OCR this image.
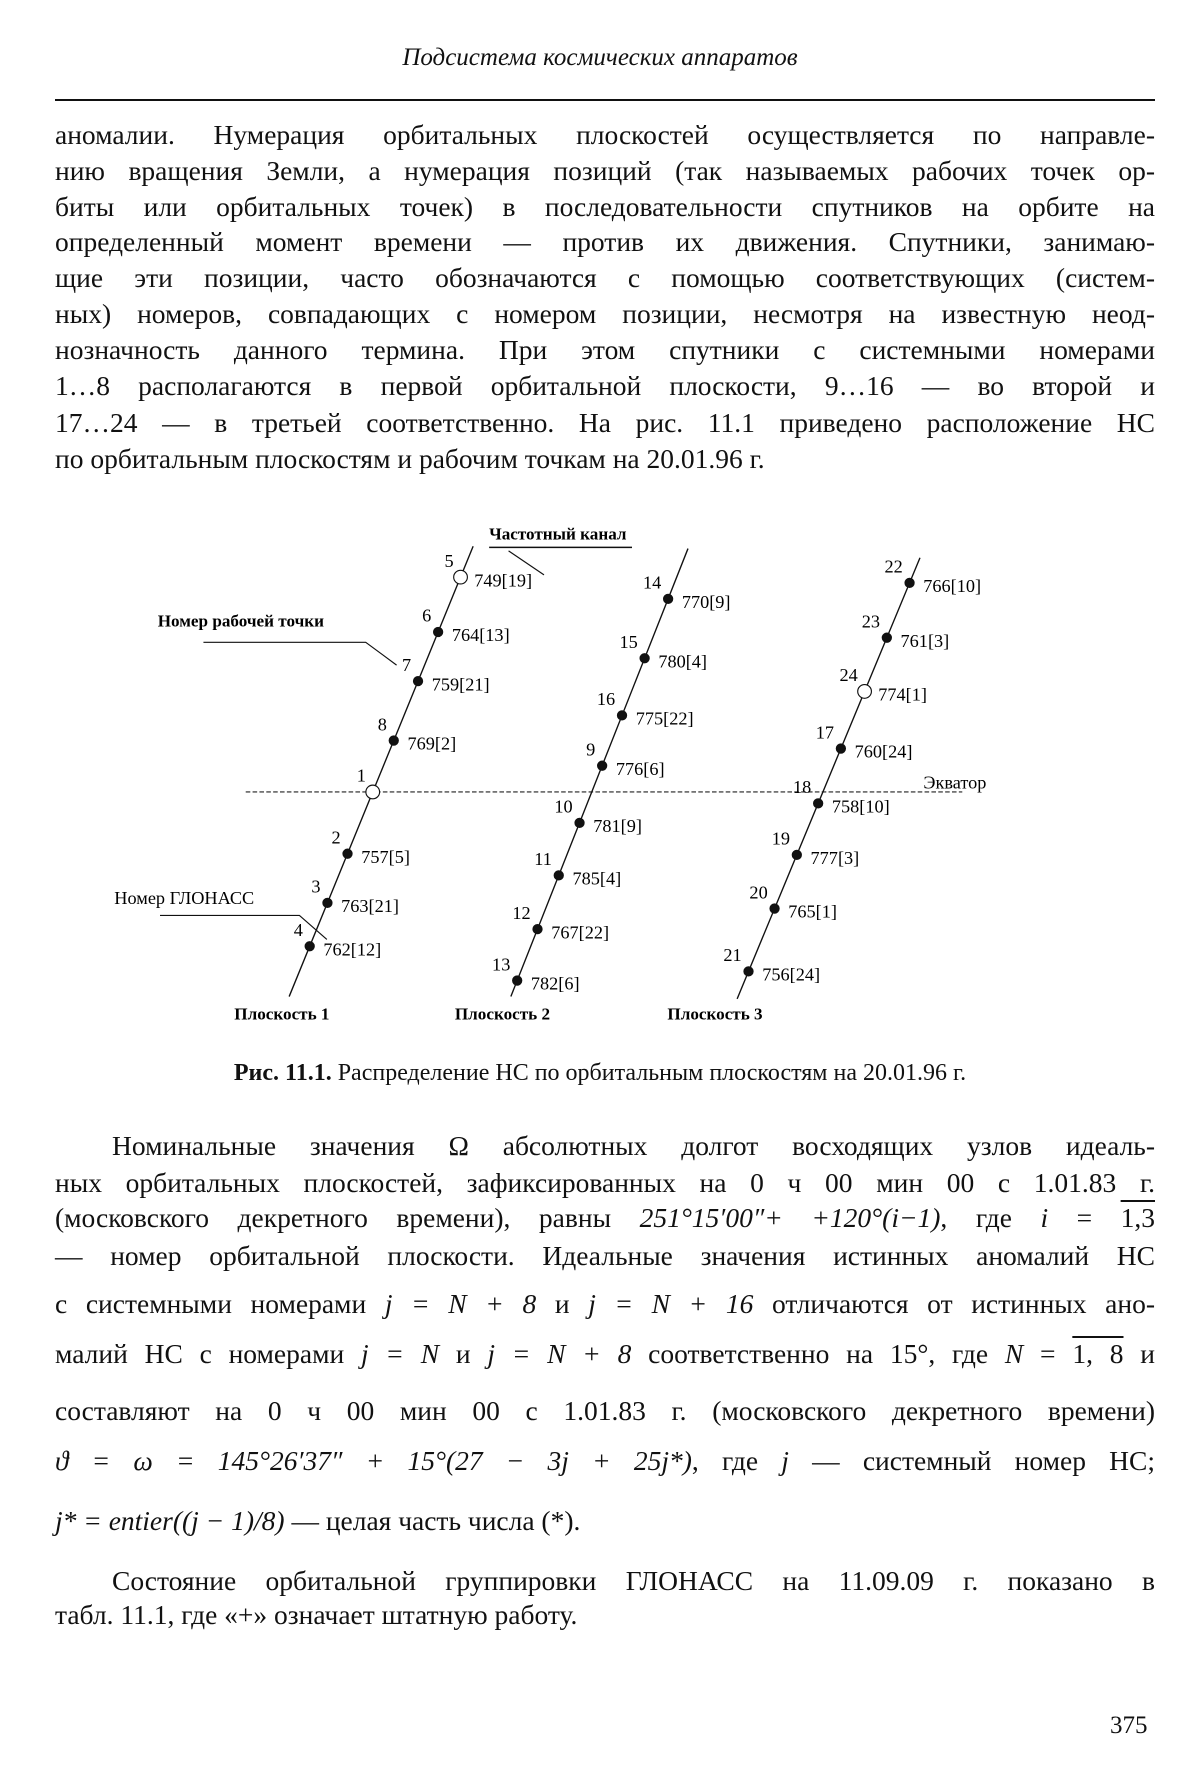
Подсистема космических аппаратов
аномалии. Нумерация орбитальных плоскостей осуществляется по направле-
нию вращения Земли, а нумерация позиций (так называемых рабочих точек ор-
биты или орбитальных точек) в последовательности спутников на орбите на
определенный момент времени — против их движения. Спутники, занимаю-
щие эти позиции, часто обозначаются с помощью соответствующих (систем-
ных) номеров, совпадающих с номером позиции, несмотря на известную неод-
нозначность данного термина. При этом спутники с системными номерами
1…8 располагаются в первой орбитальной плоскости, 9…16 — во второй и
17…24 — в третьей соответственно. На рис. 11.1 приведено расположение НС
по орбитальным плоскостям и рабочим точкам на 20.01.96 г.
Экватор
Частотный канал
Номер рабочей точки
Номер ГЛОНАСС
Плоскость 1
5
749[19]
6
764[13]
7
759[21]
8
769[2]
1
2
757[5]
3
763[21]
4
762[12]
Плоскость 2
14
770[9]
15
780[4]
16
775[22]
9
776[6]
10
781[9]
11
785[4]
12
767[22]
13
782[6]
Плоскость 3
22
766[10]
23
761[3]
24
774[1]
17
760[24]
18
758[10]
19
777[3]
20
765[1]
21
756[24]
Рис. 11.1. Распределение НС по орбитальным плоскостям на 20.01.96 г.
Номинальные значения Ω абсолютных долгот восходящих узлов идеаль-
ных орбитальных плоскостей, зафиксированных на 0 ч 00 мин 00 с 1.01.83 г.
(московского декретного времени), равны 251°15′00″+ +120°(i−1), где i = 1,3
— номер орбитальной плоскости. Идеальные значения истинных аномалий НС
с системными номерами j = N + 8 и j = N + 16 отличаются от истинных ано-
малий НС с номерами j = N и j = N + 8 соответственно на 15°, где N = 1, 8 и
составляют на 0 ч 00 мин 00 с 1.01.83 г. (московского декретного времени)
ϑ = ω = 145°26′37″ + 15°(27 − 3j + 25j*), где j — системный номер НС;
j* = entier((j − 1)/8) — целая часть числа (*).
Состояние орбитальной группировки ГЛОНАСС на 11.09.09 г. показано в
табл. 11.1, где «+» означает штатную работу.
375
